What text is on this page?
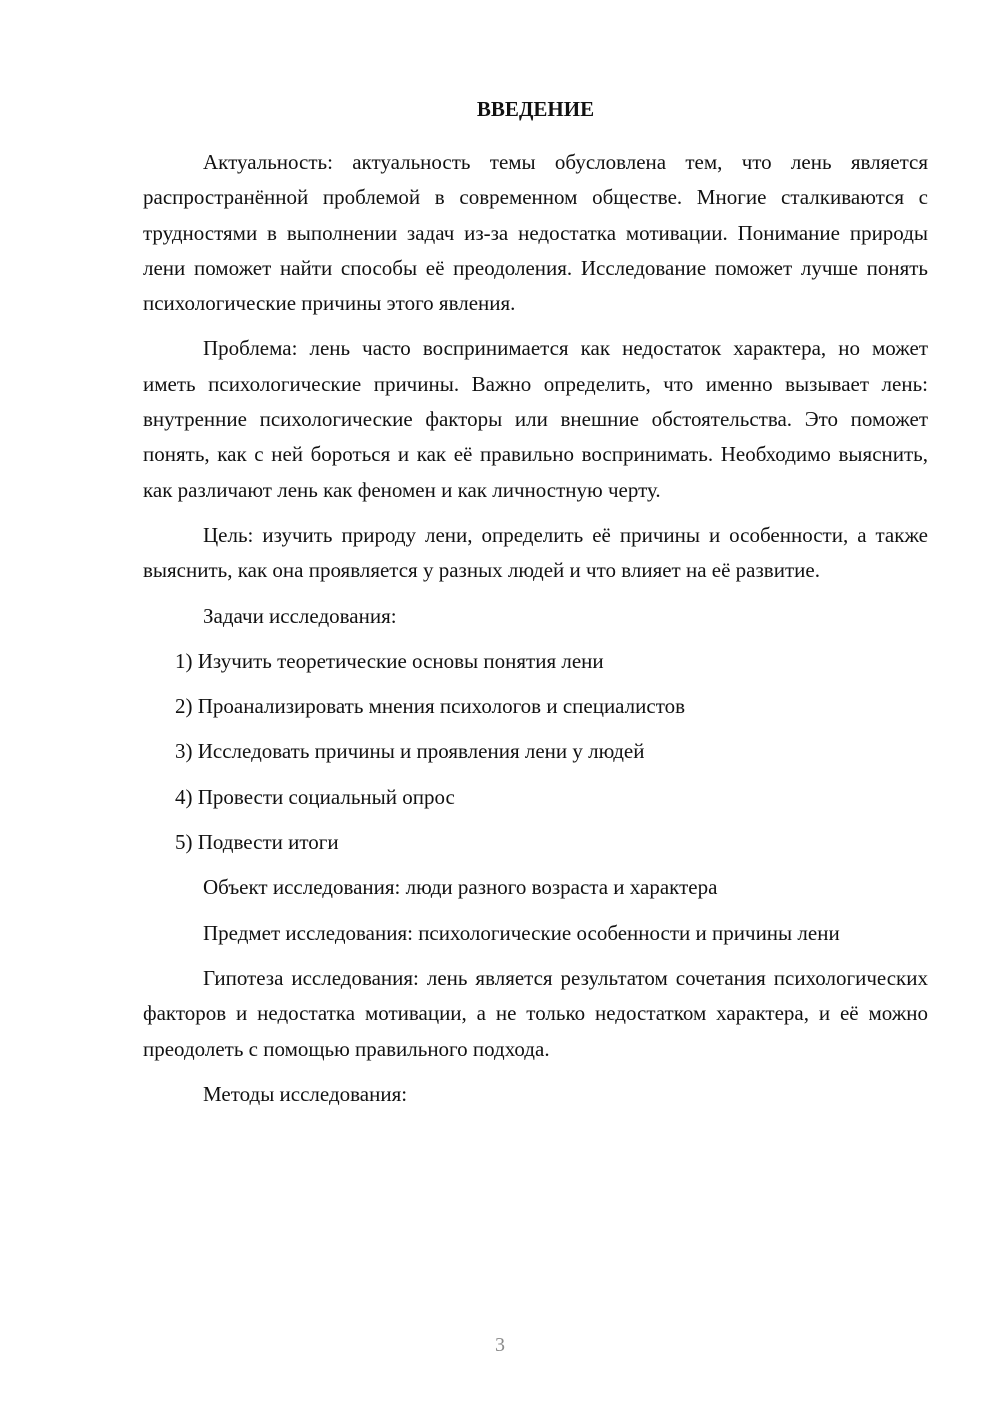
ВВЕДЕНИЕ

Актуальность: актуальность темы обусловлена тем, что лень является распространённой проблемой в современном обществе. Многие сталкиваются с трудностями в выполнении задач из-за недостатка мотивации. Понимание природы лени поможет найти способы её преодоления. Исследование поможет лучше понять психологические причины этого явления.

Проблема: лень часто воспринимается как недостаток характера, но может иметь психологические причины. Важно определить, что именно вызывает лень: внутренние психологические факторы или внешние обстоятельства. Это поможет понять, как с ней бороться и как её правильно воспринимать. Необходимо выяснить, как различают лень как феномен и как личностную черту.

Цель: изучить природу лени, определить её причины и особенности, а также выяснить, как она проявляется у разных людей и что влияет на её развитие.

Задачи исследования:

1) Изучить теоретические основы понятия лени

2) Проанализировать мнения психологов и специалистов

3) Исследовать причины и проявления лени у людей

4) Провести социальный опрос

5) Подвести итоги

Объект исследования: люди разного возраста и характера

Предмет исследования: психологические особенности и причины лени

Гипотеза исследования: лень является результатом сочетания психологических факторов и недостатка мотивации, а не только недостатком характера, и её можно преодолеть с помощью правильного подхода.

Методы исследования:

3
